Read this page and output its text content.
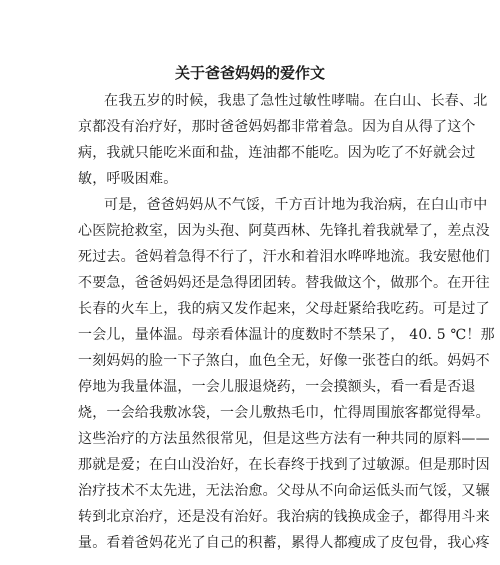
关于爸爸妈妈的爱作文
在我五岁的时候，我患了急性过敏性哮喘。在白山、长春、北
京都没有治疗好，那时爸爸妈妈都非常着急。因为自从得了这个
病，我就只能吃米面和盐，连油都不能吃。因为吃了不好就会过
敏，呼吸困难。
可是，爸爸妈妈从不气馁，千方百计地为我治病，在白山市中
心医院抢救室，因为头孢、阿莫西林、先锋扎着我就晕了，差点没
死过去。爸妈着急得不行了，汗水和着泪水哗哗地流。我安慰他们
不要急，爸爸妈妈还是急得团团转。替我做这个，做那个。在开往
长春的火车上，我的病又发作起来，父母赶紧给我吃药。可是过了
一会儿，量体温。母亲看体温计的度数时不禁呆了， 40. 5 ℃！那
一刻妈妈的脸一下子煞白，血色全无，好像一张苍白的纸。妈妈不
停地为我量体温，一会儿服退烧药，一会摸额头，看一看是否退
烧，一会给我敷冰袋，一会儿敷热毛巾，忙得周围旅客都觉得晕。
这些治疗的方法虽然很常见，但是这些方法有一种共同的原料——
那就是爱；在白山没治好，在长春终于找到了过敏源。但是那时因
治疗技术不太先进，无法治愈。父母从不向命运低头而气馁，又辗
转到北京治疗，还是没有治好。我治病的钱换成金子，都得用斗来
量。看着爸妈花光了自己的积蓄，累得人都瘦成了皮包骨，我心疼
